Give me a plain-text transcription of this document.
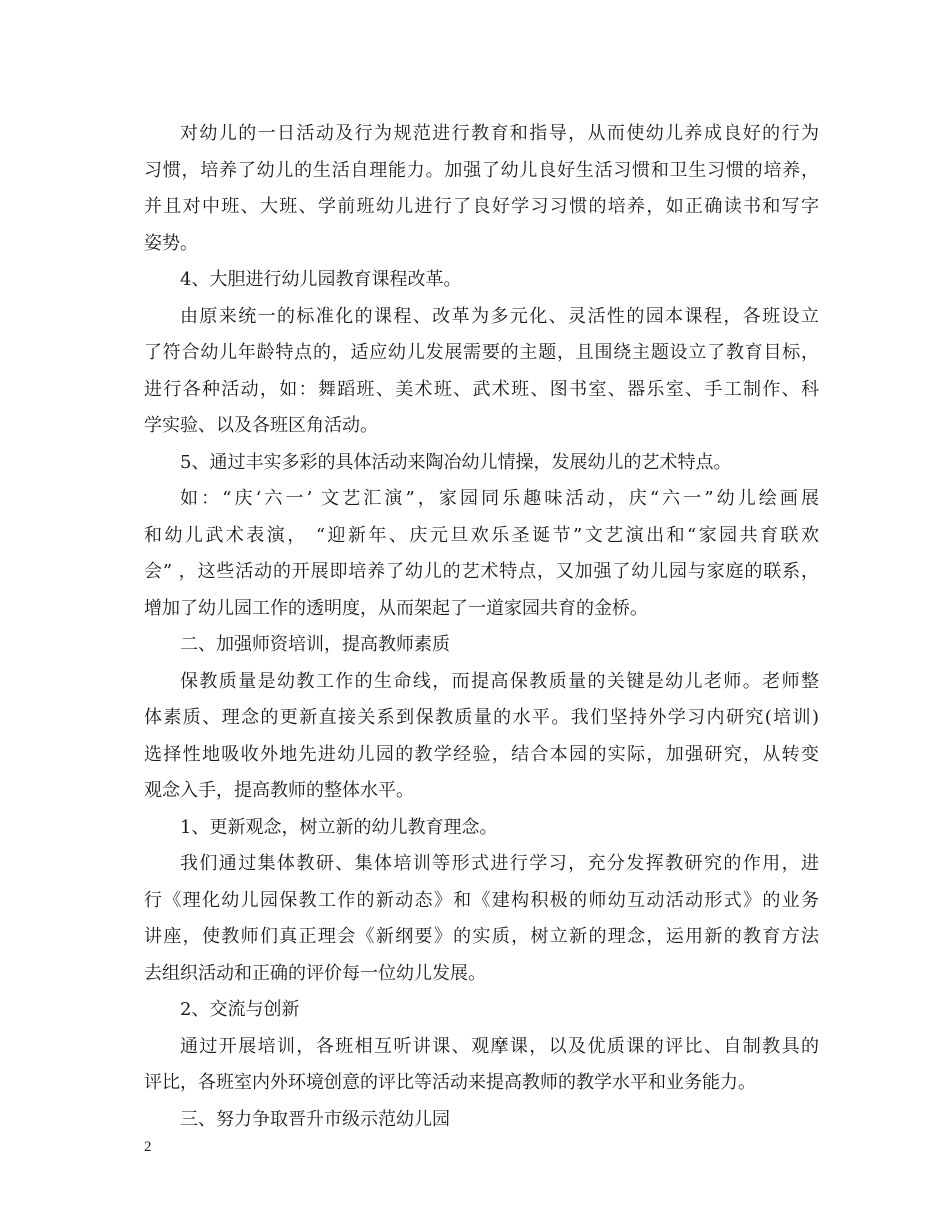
对幼儿的一日活动及行为规范进行教育和指导，从而使幼儿养成良好的行为
习惯，培养了幼儿的生活自理能力。加强了幼儿良好生活习惯和卫生习惯的培养，
并且对中班、大班、学前班幼儿进行了良好学习习惯的培养，如正确读书和写字
姿势。
4、大胆进行幼儿园教育课程改革。
由原来统一的标准化的课程、改革为多元化、灵活性的园本课程，各班设立
了符合幼儿年龄特点的，适应幼儿发展需要的主题，且围绕主题设立了教育目标，
进行各种活动，如：舞蹈班、美术班、武术班、图书室、器乐室、手工制作、科
学实验、以及各班区角活动。
5、通过丰实多彩的具体活动来陶冶幼儿情操，发展幼儿的艺术特点。
如：“庆‘六一’ 文艺汇演”，家园同乐趣味活动，庆“六一”幼儿绘画展
和幼儿武术表演， “迎新年、庆元旦欢乐圣诞节”文艺演出和“家园共育联欢
会” ，这些活动的开展即培养了幼儿的艺术特点，又加强了幼儿园与家庭的联系，
增加了幼儿园工作的透明度，从而架起了一道家园共育的金桥。
二、加强师资培训，提高教师素质
保教质量是幼教工作的生命线，而提高保教质量的关键是幼儿老师。老师整
体素质、理念的更新直接关系到保教质量的水平。我们坚持外学习内研究(培训)
选择性地吸收外地先进幼儿园的教学经验，结合本园的实际，加强研究，从转变
观念入手，提高教师的整体水平。
1、更新观念，树立新的幼儿教育理念。
我们通过集体教研、集体培训等形式进行学习，充分发挥教研究的作用，进
行《理化幼儿园保教工作的新动态》和《建构积极的师幼互动活动形式》的业务
讲座，使教师们真正理会《新纲要》的实质，树立新的理念，运用新的教育方法
去组织活动和正确的评价每一位幼儿发展。
2、交流与创新
通过开展培训，各班相互听讲课、观摩课，以及优质课的评比、自制教具的
评比，各班室内外环境创意的评比等活动来提高教师的教学水平和业务能力。
三、努力争取晋升市级示范幼儿园
2
